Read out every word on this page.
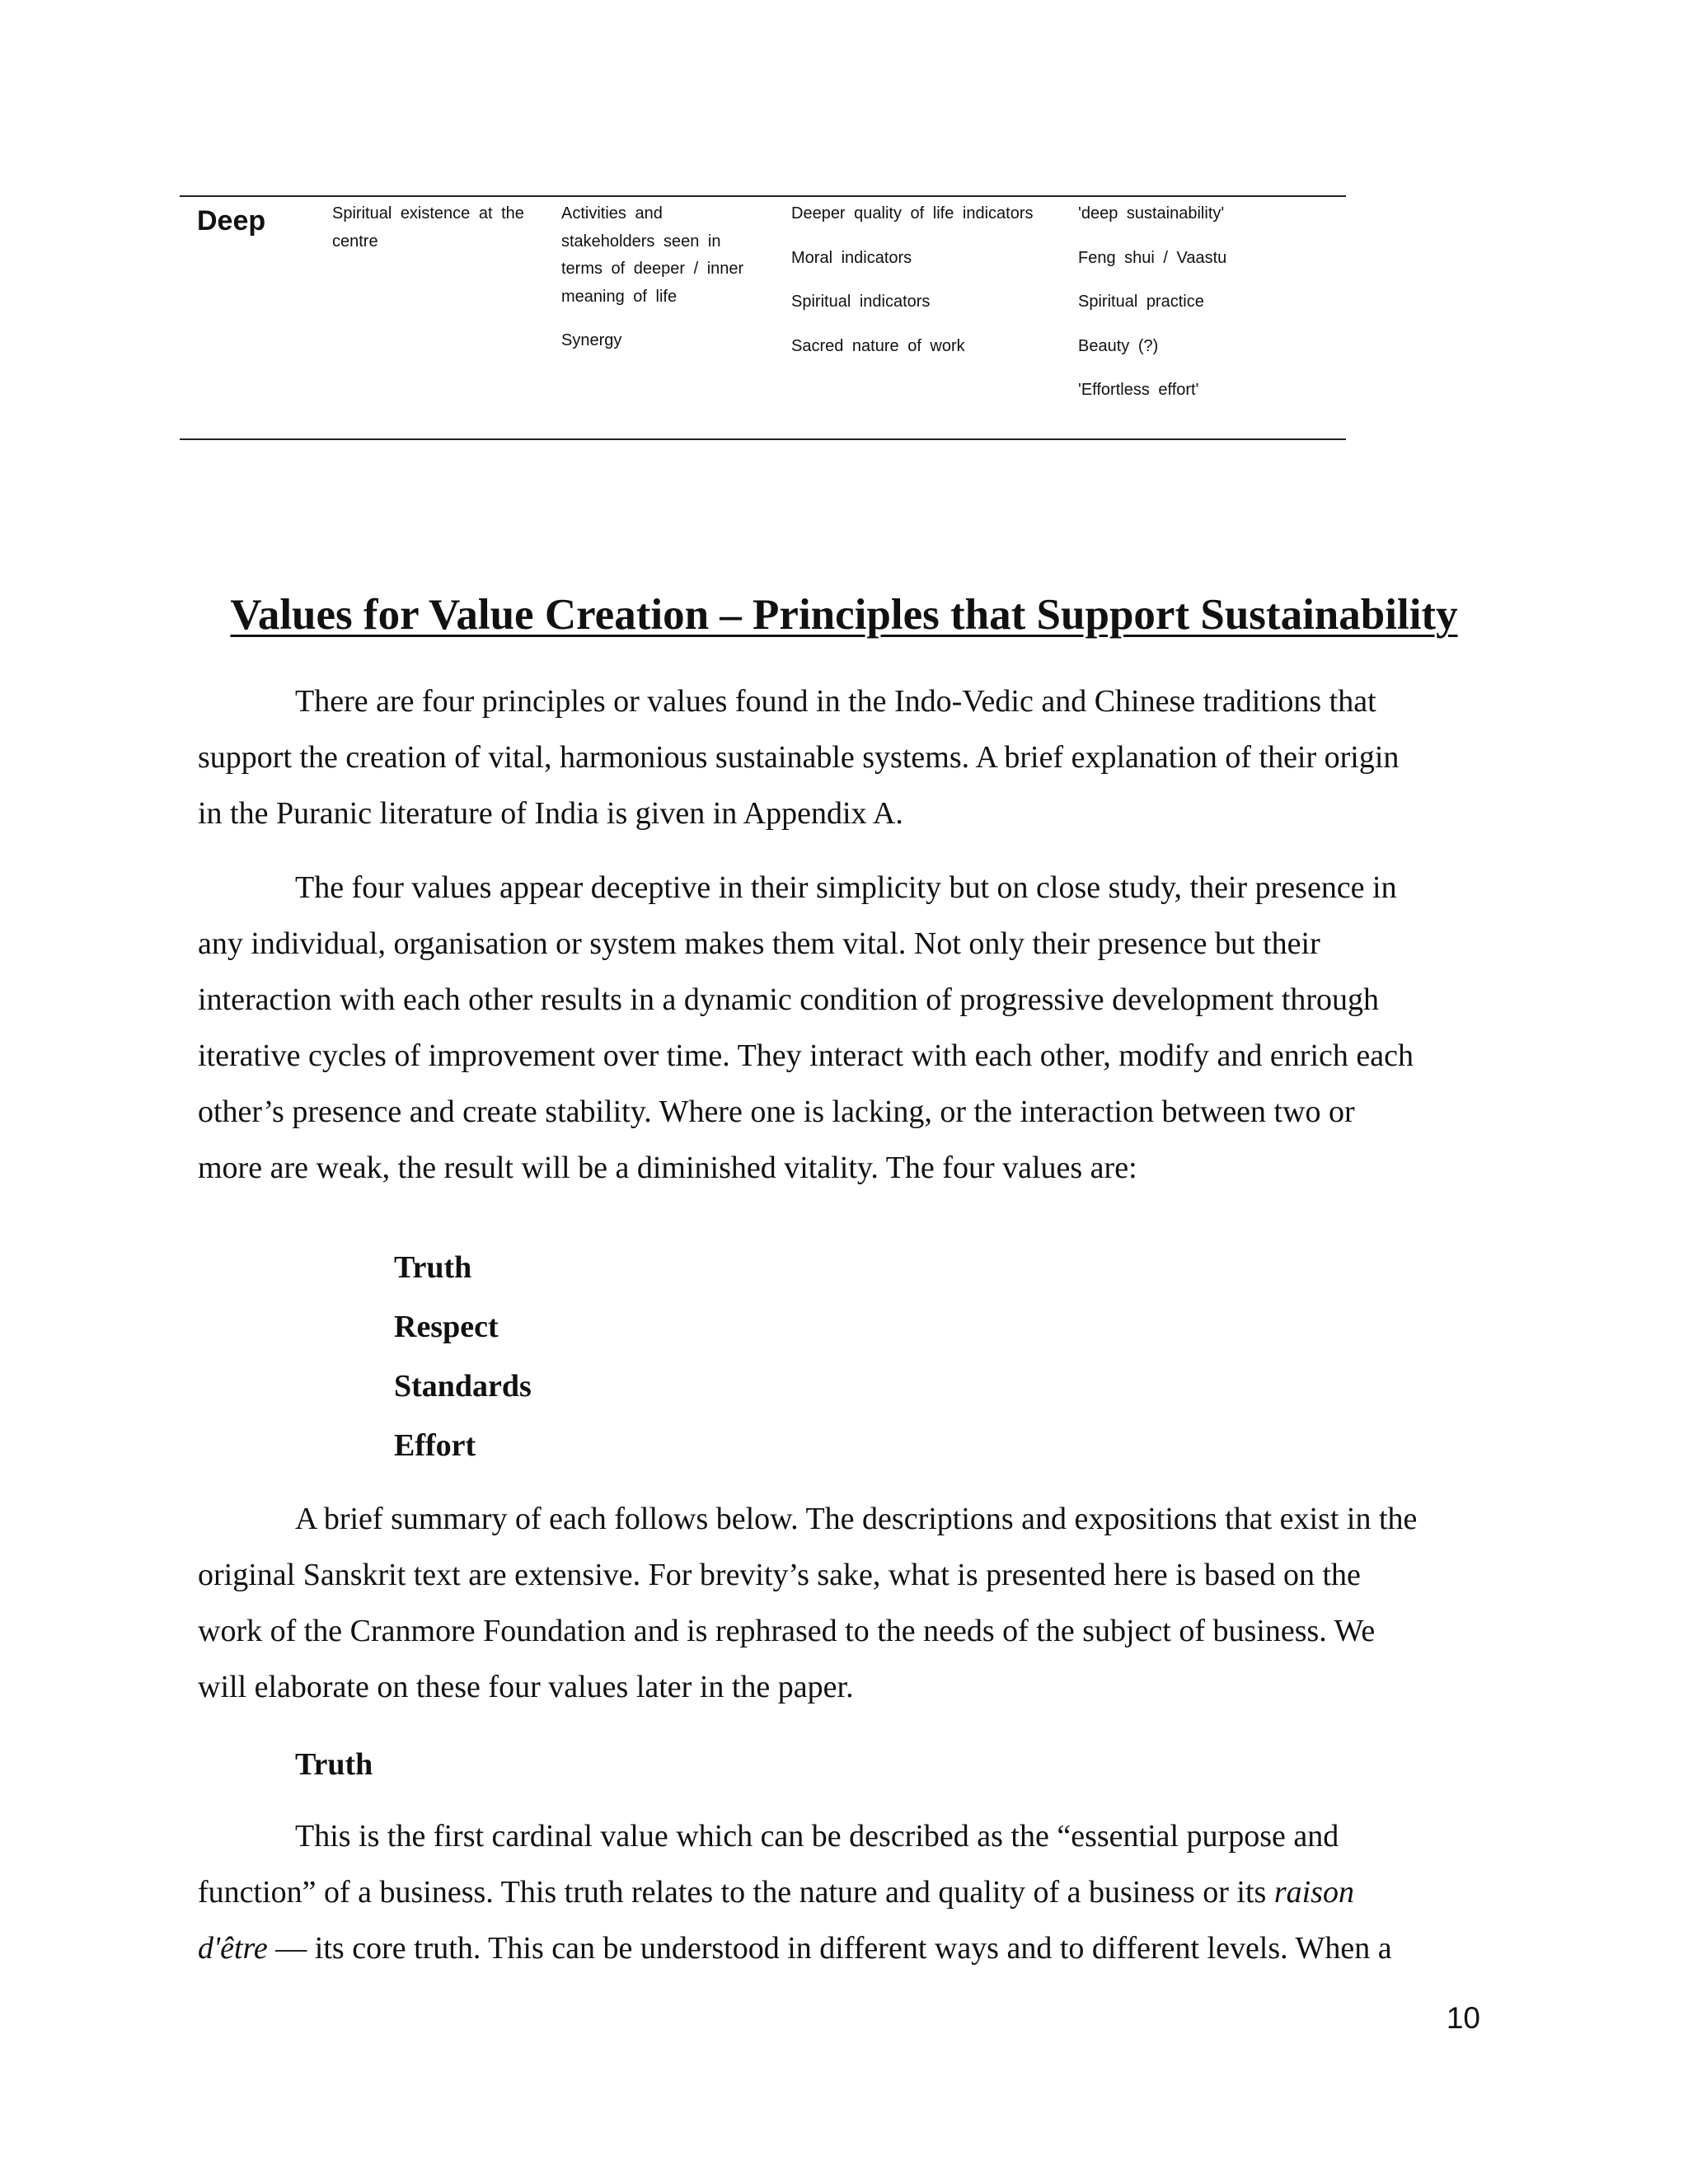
Deep	Spiritual existence at the
centre
Activities and
stakeholders seen in
terms of deeper / inner
meaning of life
Synergy
Deeper quality of life indicators
Moral indicators
Spiritual indicators
Sacred nature of work
'deep sustainability'
Feng shui / Vaastu
Spiritual practice
Beauty (?)
'Effortless effort'
Values for Value Creation – Principles that Support Sustainability
There are four principles or values found in the Indo-Vedic and Chinese traditions that
support the creation of vital, harmonious sustainable systems. A brief explanation of their origin
in the Puranic literature of India is given in Appendix A.
The four values appear deceptive in their simplicity but on close study, their presence in
any individual, organisation or system makes them vital. Not only their presence but their
interaction with each other results in a dynamic condition of progressive development through
iterative cycles of improvement over time. They interact with each other, modify and enrich each
other’s presence and create stability. Where one is lacking, or the interaction between two or
more are weak, the result will be a diminished vitality. The four values are:
Truth
Respect
Standards
Effort
A brief summary of each follows below. The descriptions and expositions that exist in the
original Sanskrit text are extensive. For brevity’s sake, what is presented here is based on the
work of the Cranmore Foundation and is rephrased to the needs of the subject of business. We
will elaborate on these four values later in the paper.
Truth
This is the first cardinal value which can be described as the “essential purpose and
function” of a business. This truth relates to the nature and quality of a business or its raison
d'être — its core truth. This can be understood in different ways and to different levels. When a
10
